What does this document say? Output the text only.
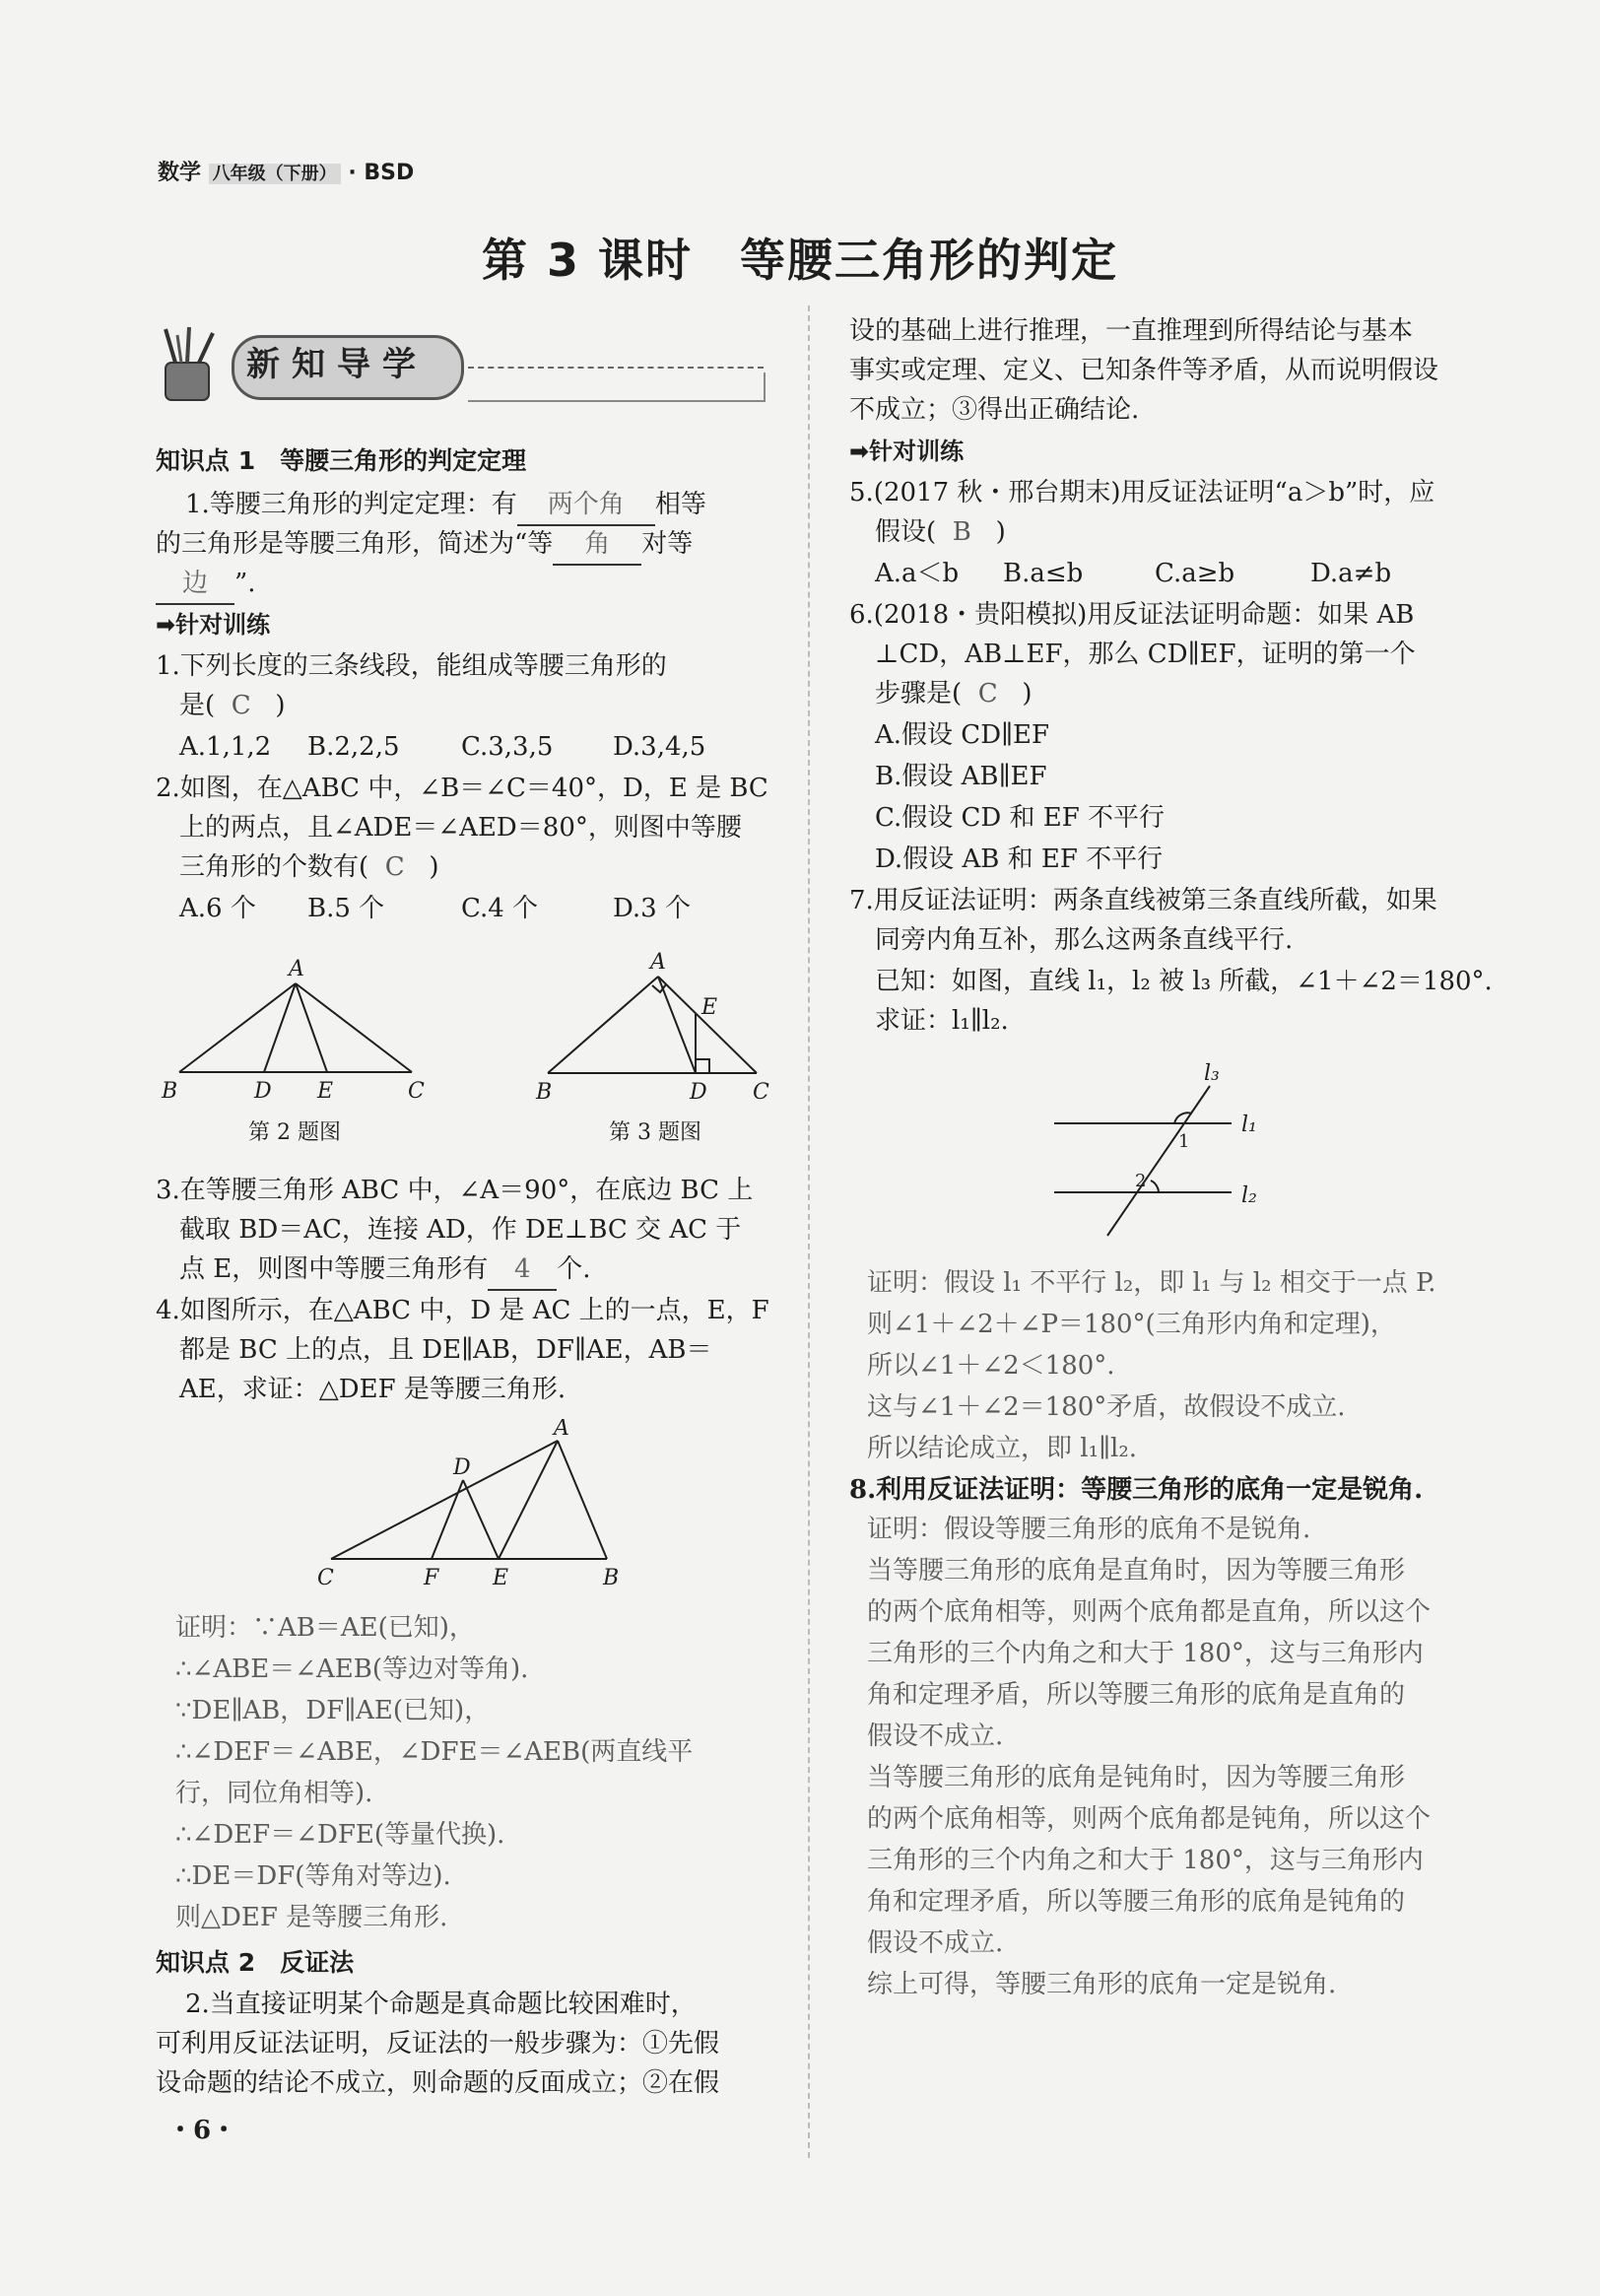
数学 八年级（下册） · BSD
第 3 课时　等腰三角形的判定
新知导学
知识点 1　等腰三角形的判定定理
1.等腰三角形的判定定理：有 两个角 相等
的三角形是等腰三角形，简述为“等 角 对等
边 ”.
➡针对训练
1.下列长度的三条线段，能组成等腰三角形的
是( C )
A.1,1,2 B.2,2,5 C.3,3,5 D.3,4,5
2.如图，在△ABC 中，∠B＝∠C＝40°，D，E 是 BC
上的两点，且∠ADE＝∠AED＝80°，则图中等腰
三角形的个数有( C )
A.6 个 B.5 个	C.4 个	D.3 个
A
B	D E	C
第 2 题图
A
E
B	D C
第 3 题图
3.在等腰三角形 ABC 中，∠A＝90°，在底边 BC 上
截取 BD＝AC，连接 AD，作 DE⊥BC 交 AC 于
点 E，则图中等腰三角形有 4 个.
4.如图所示，在△ABC 中，D 是 AC 上的一点，E，F
都是 BC 上的点，且 DE∥AB，DF∥AE，AB＝
AE，求证：△DEF 是等腰三角形.
A
D
C	F E	B
证明：∵AB＝AE(已知)，
∴∠ABE＝∠AEB(等边对等角).
∵DE∥AB，DF∥AE(已知)，
∴∠DEF＝∠ABE，∠DFE＝∠AEB(两直线平
行，同位角相等).
∴∠DEF＝∠DFE(等量代换).
∴DE＝DF(等角对等边).
则△DEF 是等腰三角形.
知识点 2　反证法
2.当直接证明某个命题是真命题比较困难时，
可利用反证法证明，反证法的一般步骤为：①先假
设命题的结论不成立，则命题的反面成立；②在假
・6・
设的基础上进行推理，一直推理到所得结论与基本
事实或定理、定义、已知条件等矛盾，从而说明假设
不成立；③得出正确结论.
➡针对训练
5.(2017 秋・邢台期末)用反证法证明“a＞b”时，应
假设( B )
A.a＜b B.a≤b	C.a≥b	D.a≠b
6.(2018・贵阳模拟)用反证法证明命题：如果 AB
⊥CD，AB⊥EF，那么 CD∥EF，证明的第一个
步骤是( C )
A.假设 CD∥EF
B.假设 AB∥EF
C.假设 CD 和 EF 不平行
D.假设 AB 和 EF 不平行
7.用反证法证明：两条直线被第三条直线所截，如果
同旁内角互补，那么这两条直线平行.
已知：如图，直线 l₁，l₂ 被 l₃ 所截，∠1＋∠2＝180°.
求证：l₁∥l₂.
l₃
l₁
l₂
1
2
证明：假设 l₁ 不平行 l₂，即 l₁ 与 l₂ 相交于一点 P.
则∠1＋∠2＋∠P＝180°(三角形内角和定理)，
所以∠1＋∠2＜180°.
这与∠1＋∠2＝180°矛盾，故假设不成立.
所以结论成立，即 l₁∥l₂.
8.利用反证法证明：等腰三角形的底角一定是锐角.
证明：假设等腰三角形的底角不是锐角.
当等腰三角形的底角是直角时，因为等腰三角形
的两个底角相等，则两个底角都是直角，所以这个
三角形的三个内角之和大于 180°，这与三角形内
角和定理矛盾，所以等腰三角形的底角是直角的
假设不成立.
当等腰三角形的底角是钝角时，因为等腰三角形
的两个底角相等，则两个底角都是钝角，所以这个
三角形的三个内角之和大于 180°，这与三角形内
角和定理矛盾，所以等腰三角形的底角是钝角的
假设不成立.
综上可得，等腰三角形的底角一定是锐角.
